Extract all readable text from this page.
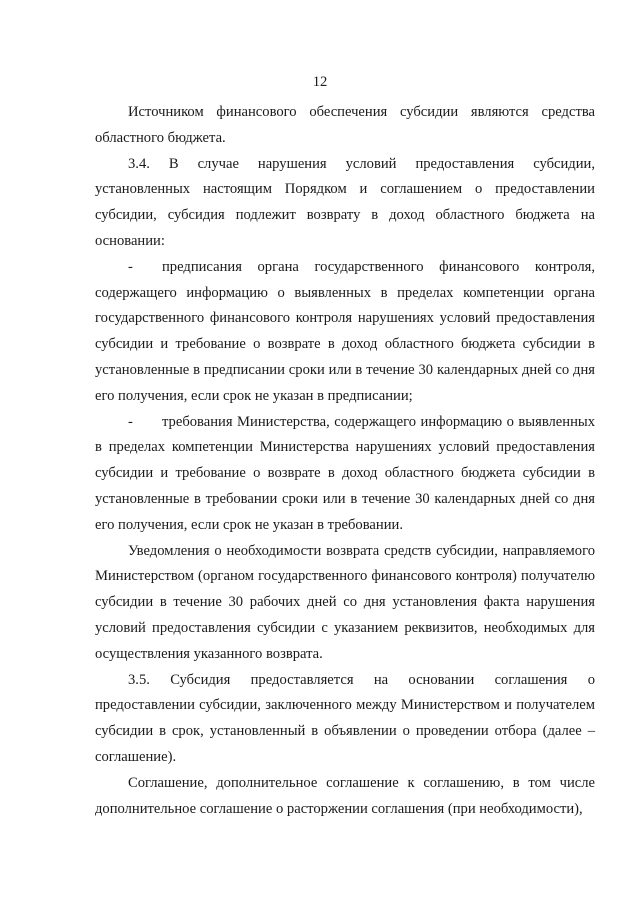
12

Источником финансового обеспечения субсидии являются средства областного бюджета.

3.4. В случае нарушения условий предоставления субсидии, установленных настоящим Порядком и соглашением о предоставлении субсидии, субсидия подлежит возврату в доход областного бюджета на основании:

- предписания органа государственного финансового контроля, содержащего информацию о выявленных в пределах компетенции органа государственного финансового контроля нарушениях условий предоставления субсидии и требование о возврате в доход областного бюджета субсидии в установленные в предписании сроки или в течение 30 календарных дней со дня его получения, если срок не указан в предписании;

- требования Министерства, содержащего информацию о выявленных в пределах компетенции Министерства нарушениях условий предоставления субсидии и требование о возврате в доход областного бюджета субсидии в установленные в требовании сроки или в течение 30 календарных дней со дня его получения, если срок не указан в требовании.

Уведомления о необходимости возврата средств субсидии, направляемого Министерством (органом государственного финансового контроля) получателю субсидии в течение 30 рабочих дней со дня установления факта нарушения условий предоставления субсидии с указанием реквизитов, необходимых для осуществления указанного возврата.

3.5. Субсидия предоставляется на основании соглашения о предоставлении субсидии, заключенного между Министерством и получателем субсидии в срок, установленный в объявлении о проведении отбора (далее – соглашение).

Соглашение, дополнительное соглашение к соглашению, в том числе дополнительное соглашение о расторжении соглашения (при необходимости),
